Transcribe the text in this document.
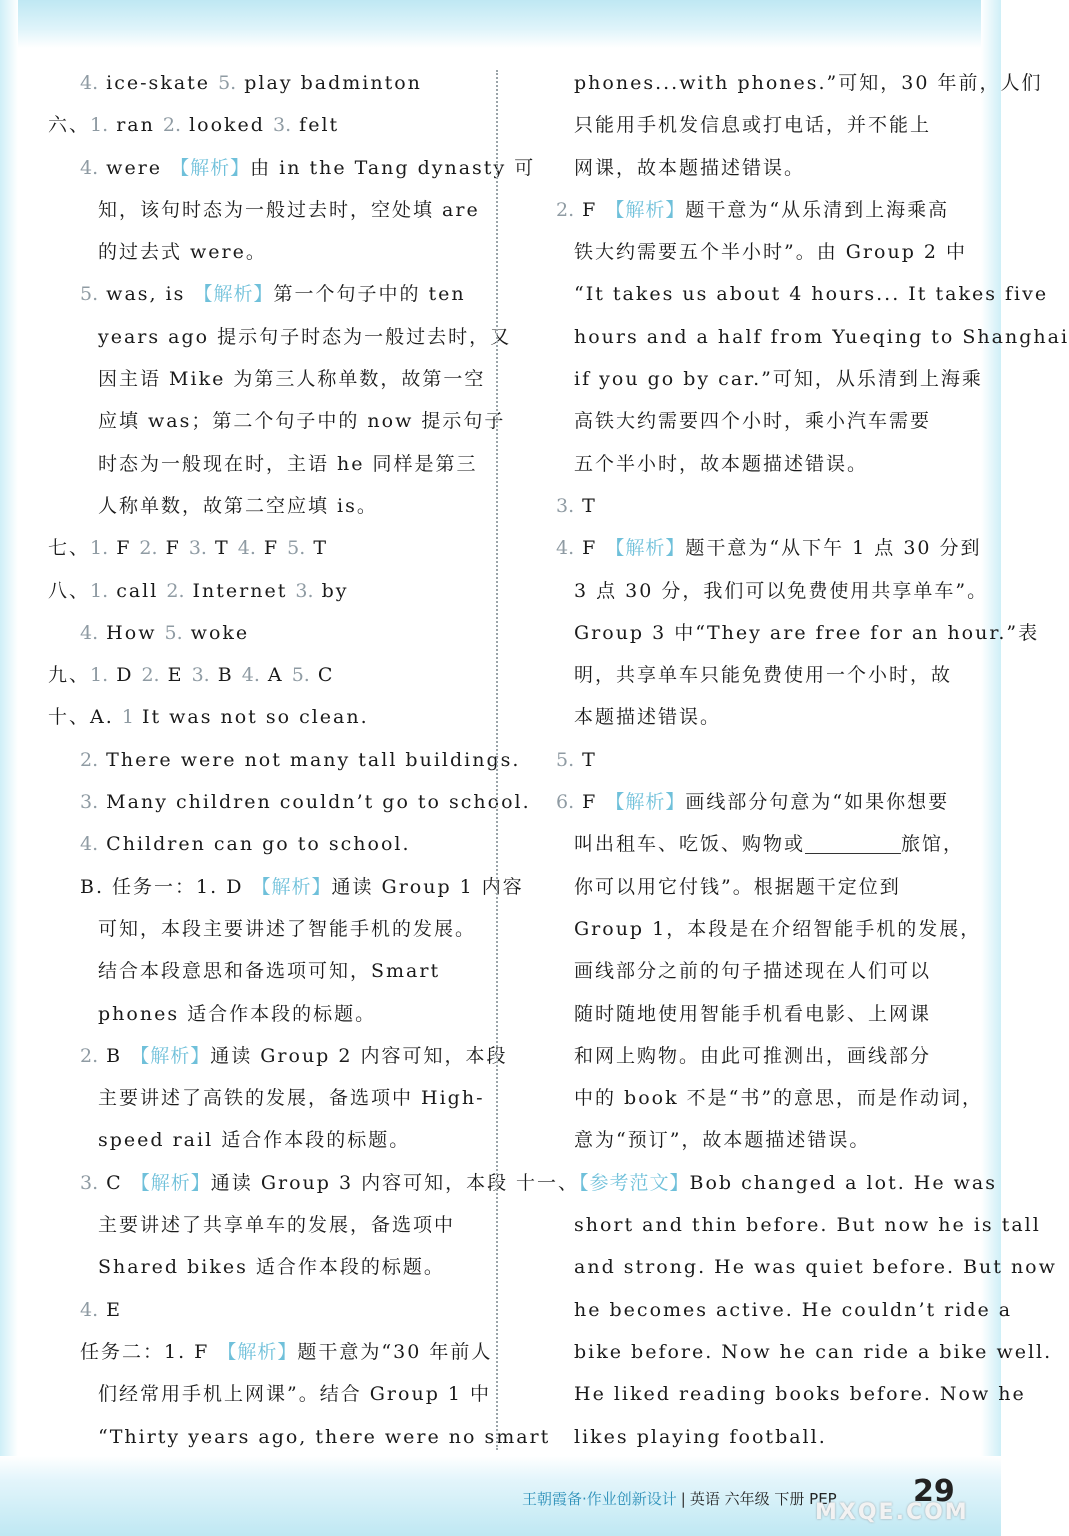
4. ice-skate 5. play badminton
六、1. ran 2. looked 3. felt
4. were 【解析】由 in the Tang dynasty 可
知，该句时态为一般过去时，空处填 are
的过去式 were。
5. was, is 【解析】第一个句子中的 ten
years ago 提示句子时态为一般过去时，又
因主语 Mike 为第三人称单数，故第一空
应填 was；第二个句子中的 now 提示句子
时态为一般现在时，主语 he 同样是第三
人称单数，故第二空应填 is。
七、1. F 2. F 3. T 4. F 5. T
八、1. call 2. Internet 3. by
4. How 5. woke
九、1. D 2. E 3. B 4. A 5. C
十、A. 1 It was not so clean.
2. There were not many tall buildings.
3. Many children couldn’t go to school.
4. Children can go to school.
B. 任务一：1. D 【解析】通读 Group 1 内容
可知，本段主要讲述了智能手机的发展。
结合本段意思和备选项可知，Smart
phones 适合作本段的标题。
2. B 【解析】通读 Group 2 内容可知，本段
主要讲述了高铁的发展，备选项中 High-
speed rail 适合作本段的标题。
3. C 【解析】通读 Group 3 内容可知，本段
主要讲述了共享单车的发展，备选项中
Shared bikes 适合作本段的标题。
4. E
任务二：1. F 【解析】题干意为“30 年前人
们经常用手机上网课”。结合 Group 1 中
“Thirty years ago, there were no smart
phones...with phones.”可知，30 年前，人们
只能用手机发信息或打电话，并不能上
网课，故本题描述错误。
2. F 【解析】题干意为“从乐清到上海乘高
铁大约需要五个半小时”。由 Group 2 中
“It takes us about 4 hours... It takes five
hours and a half from Yueqing to Shanghai
if you go by car.”可知，从乐清到上海乘
高铁大约需要四个小时，乘小汽车需要
五个半小时，故本题描述错误。
3. T
4. F 【解析】题干意为“从下午 1 点 30 分到
3 点 30 分，我们可以免费使用共享单车”。
Group 3 中“They are free for an hour.”表
明，共享单车只能免费使用一个小时，故
本题描述错误。
5. T
6. F 【解析】画线部分句意为“如果你想要
叫出租车、吃饭、购物或	旅馆，
你可以用它付钱”。根据题干定位到
Group 1，本段是在介绍智能手机的发展，
画线部分之前的句子描述现在人们可以
随时随地使用智能手机看电影、上网课
和网上购物。由此可推测出，画线部分
中的 book 不是“书”的意思，而是作动词，
意为“预订”，故本题描述错误。
十一、【参考范文】Bob changed a lot. He was
short and thin before. But now he is tall
and strong. He was quiet before. But now
he becomes active. He couldn’t ride a
bike before. Now he can ride a bike well.
He liked reading books before. Now he
likes playing football.
王朝霞备·作业创新设计 | 英语 六年级 下册 PEP	29
MXQE.COM
